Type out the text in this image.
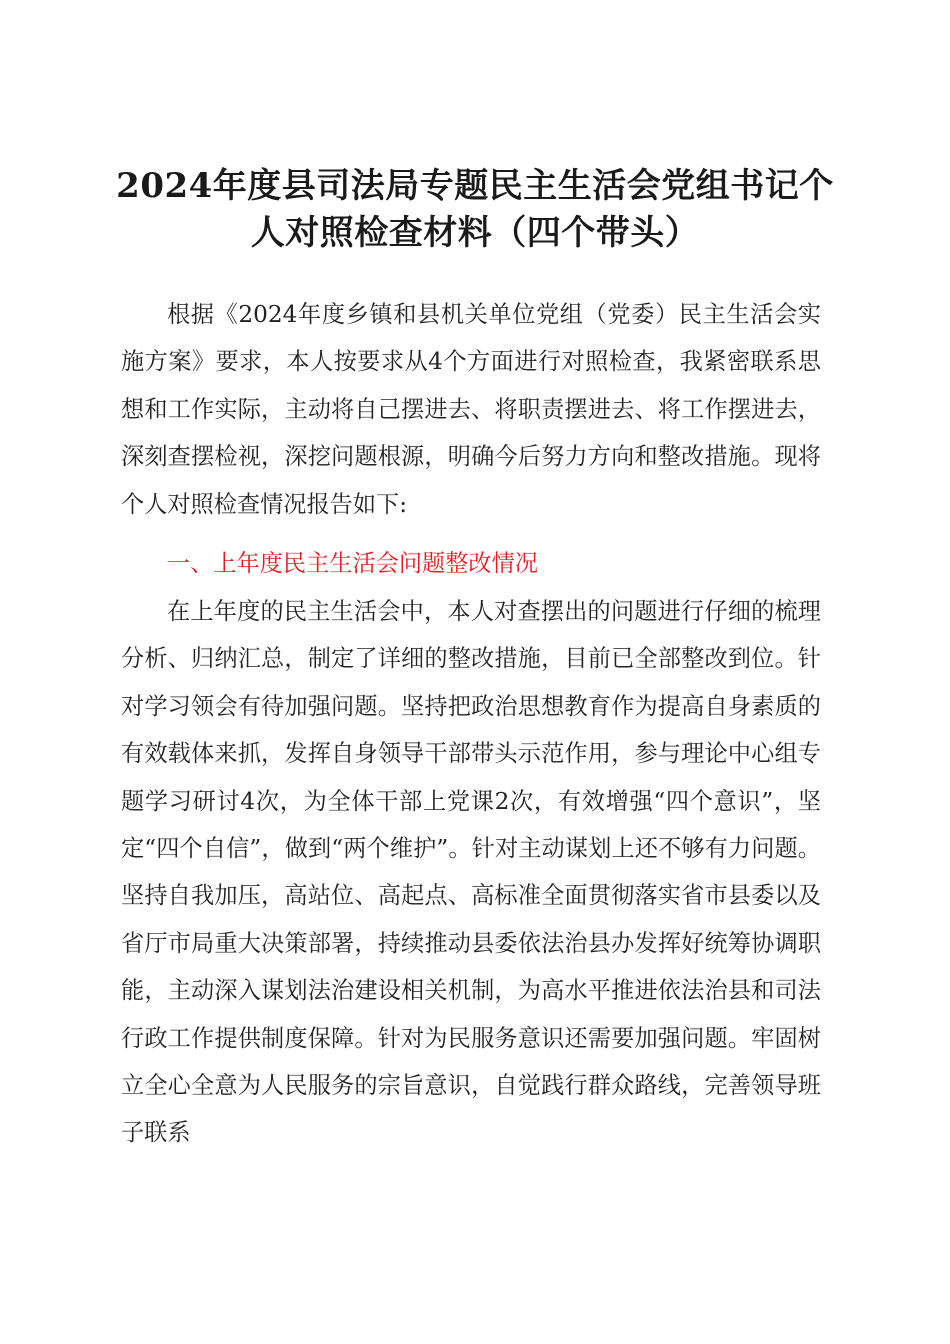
2024年度县司法局专题民主生活会党组书记个人对照检查材料（四个带头）

根据《2024年度乡镇和县机关单位党组（党委）民主生活会实施方案》要求，本人按要求从4个方面进行对照检查，我紧密联系思想和工作实际，主动将自己摆进去、将职责摆进去、将工作摆进去，深刻查摆检视，深挖问题根源，明确今后努力方向和整改措施。现将个人对照检查情况报告如下:

一、上年度民主生活会问题整改情况

在上年度的民主生活会中，本人对查摆出的问题进行仔细的梳理分析、归纳汇总，制定了详细的整改措施，目前已全部整改到位。针对学习领会有待加强问题。坚持把政治思想教育作为提高自身素质的有效载体来抓，发挥自身领导干部带头示范作用，参与理论中心组专题学习研讨4次，为全体干部上党课2次，有效增强“四个意识”，坚定“四个自信”，做到“两个维护”。针对主动谋划上还不够有力问题。坚持自我加压，高站位、高起点、高标准全面贯彻落实省市县委以及省厅市局重大决策部署，持续推动县委依法治县办发挥好统筹协调职能，主动深入谋划法治建设相关机制，为高水平推进依法治县和司法行政工作提供制度保障。针对为民服务意识还需要加强问题。牢固树立全心全意为人民服务的宗旨意识，自觉践行群众路线，完善领导班子联系
